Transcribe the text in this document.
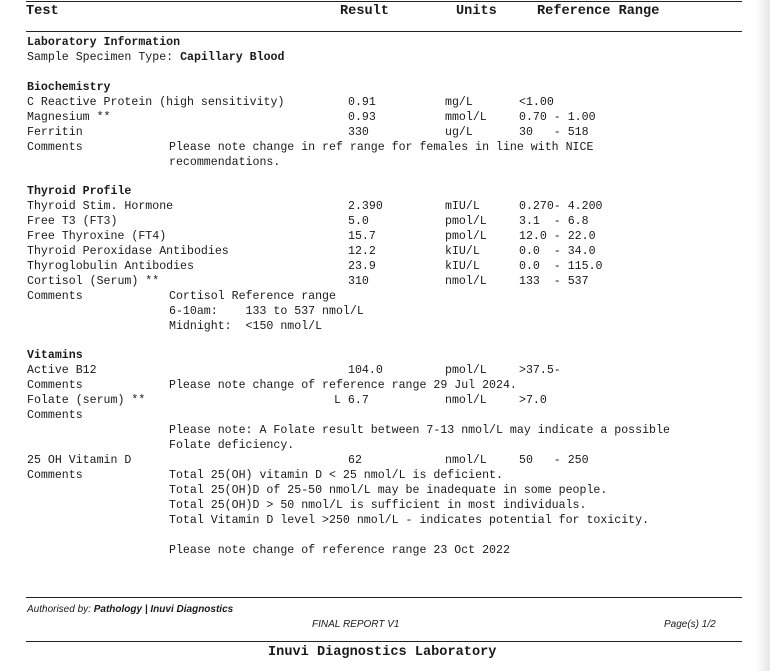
Test	Result	Units	Reference Range
Laboratory Information
Sample Specimen Type: Capillary Blood
Biochemistry
C Reactive Protein (high sensitivity)	0.91	mg/L	<1.00
Magnesium **	0.93	mmol/L	0.70 - 1.00
Ferritin	330	ug/L	30   - 518
Comments	Please note change in ref range for females in line with NICE
recommendations.
Thyroid Profile
Thyroid Stim. Hormone	2.390	mIU/L	0.270- 4.200
Free T3 (FT3)	5.0	pmol/L	3.1  - 6.8
Free Thyroxine (FT4)	15.7	pmol/L	12.0 - 22.0
Thyroid Peroxidase Antibodies	12.2	kIU/L	0.0  - 34.0
Thyroglobulin Antibodies	23.9	kIU/L	0.0  - 115.0
Cortisol (Serum) **	310	nmol/L	133  - 537
Comments	Cortisol Reference range
6-10am:    133 to 537 nmol/L
Midnight:  <150 nmol/L
Vitamins
Active B12	104.0	pmol/L	>37.5-
Comments	Please note change of reference range 29 Jul 2024.
Folate (serum) **	L 6.7	nmol/L	>7.0
Comments
Please note: A Folate result between 7-13 nmol/L may indicate a possible
Folate deficiency.
25 OH Vitamin D	62	nmol/L	50   - 250
Comments	Total 25(OH) vitamin D < 25 nmol/L is deficient.
Total 25(OH)D of 25-50 nmol/L may be inadequate in some people.
Total 25(OH)D > 50 nmol/L is sufficient in most individuals.
Total Vitamin D level >250 nmol/L - indicates potential for toxicity.
Please note change of reference range 23 Oct 2022
Authorised by: Pathology | Inuvi Diagnostics
FINAL REPORT V1	Page(s) 1/2
Inuvi Diagnostics Laboratory
